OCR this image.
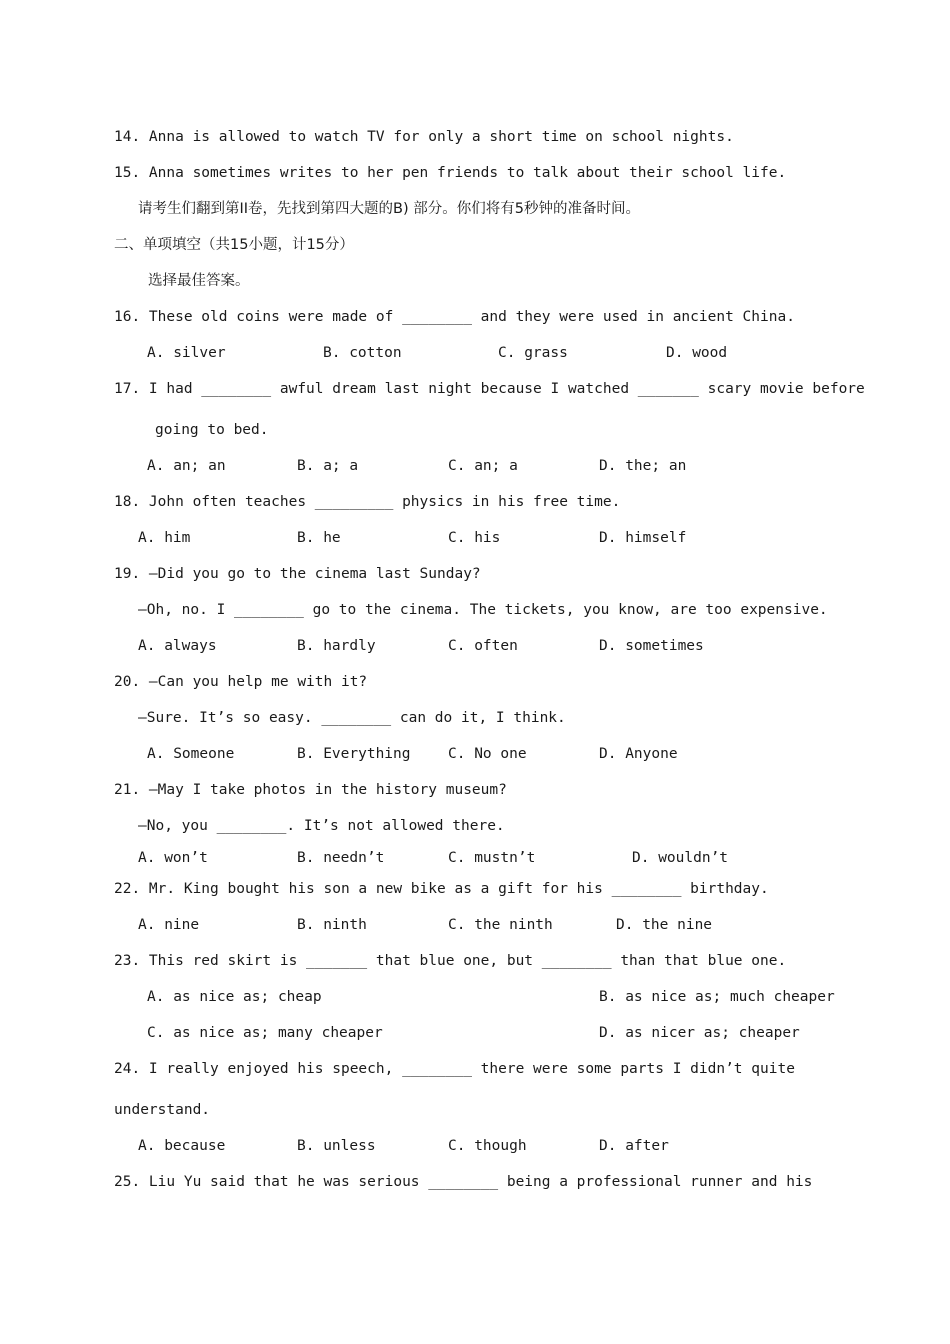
14. Anna is allowed to watch TV for only a short time on school nights.
15. Anna sometimes writes to her pen friends to talk about their school life.
请考生们翻到第II卷，先找到第四大题的B) 部分。你们将有5秒钟的准备时间。
二、单项填空（共15小题，计15分）
选择最佳答案。
16. These old coins were made of ________ and they were used in ancient China.
A. silver	B. cotton	C. grass	D. wood
17. I had ________ awful dream last night because I watched _______ scary movie before
going to bed.
A. an; an	B. a; a	C. an; a	D. the; an
18. John often teaches _________ physics in his free time.
A. him	B. he	C. his	D. himself
19. —Did you go to the cinema last Sunday?
—Oh, no. I ________ go to the cinema. The tickets, you know, are too expensive.
A. always	B. hardly	C. often	D. sometimes
20. —Can you help me with it?
—Sure. It’s so easy. ________ can do it, I think.
A. Someone	B. Everything	C. No one	D. Anyone
21. —May I take photos in the history museum?
—No, you ________. It’s not allowed there.
A. won’t	B. needn’t	C. mustn’t	D. wouldn’t
22. Mr. King bought his son a new bike as a gift for his ________ birthday.
A. nine	B. ninth	C. the ninth	D. the nine
23. This red skirt is _______ that blue one, but ________ than that blue one.
A. as nice as; cheap	B. as nice as; much cheaper
C. as nice as; many cheaper	D. as nicer as; cheaper
24. I really enjoyed his speech, ________ there were some parts I didn’t quite
understand.
A. because	B. unless	C. though	D. after
25. Liu Yu said that he was serious ________ being a professional runner and his
